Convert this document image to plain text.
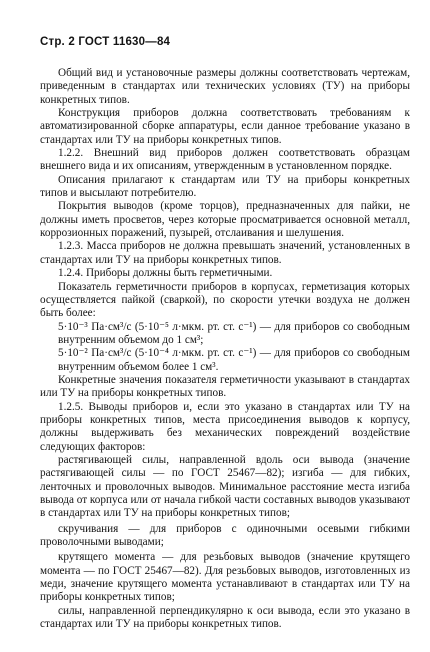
Стр. 2 ГОСТ 11630—84

Общий вид и установочные размеры должны соответствовать чертежам, приведенным в стандартах или технических условиях (ТУ) на приборы конкретных типов.

Конструкция приборов должна соответствовать требованиям к автоматизированной сборке аппаратуры, если данное требование указано в стандартах или ТУ на приборы конкретных типов.

1.2.2. Внешний вид приборов должен соответствовать образцам внешнего вида и их описаниям, утвержденным в установленном порядке.

Описания прилагают к стандартам или ТУ на приборы конкретных типов и высылают потребителю.

Покрытия выводов (кроме торцов), предназначенных для пайки, не должны иметь просветов, через которые просматривается основной металл, коррозионных поражений, пузырей, отслаивания и шелушения.

1.2.3. Масса приборов не должна превышать значений, установленных в стандартах или ТУ на приборы конкретных типов.

1.2.4. Приборы должны быть герметичными.

Показатель герметичности приборов в корпусах, герметизация которых осуществляется пайкой (сваркой), по скорости утечки воздуха не должен быть более:

5·10⁻³ Па·см³/с (5·10⁻⁵ л·мкм. рт. ст. с⁻¹) — для приборов со свободным внутренним объемом до 1 см³;

5·10⁻² Па·см³/с (5·10⁻⁴ л·мкм. рт. ст. с⁻¹) — для приборов со свободным внутренним объемом более 1 см³.

Конкретные значения показателя герметичности указывают в стандартах или ТУ на приборы конкретных типов.

1.2.5. Выводы приборов и, если это указано в стандартах или ТУ на приборы конкретных типов, места присоединения выводов к корпусу, должны выдерживать без механических повреждений воздействие следующих факторов:

растягивающей силы, направленной вдоль оси вывода (значение растягивающей силы — по ГОСТ 25467—82); изгиба — для гибких, ленточных и проволочных выводов. Минимальное расстояние места изгиба вывода от корпуса или от начала гибкой части составных выводов указывают в стандартах или ТУ на приборы конкретных типов;

скручивания — для приборов с одиночными осевыми гибкими проволочными выводами;

крутящего момента — для резьбовых выводов (значение крутящего момента — по ГОСТ 25467—82). Для резьбовых выводов, изготовленных из меди, значение крутящего момента устанавливают в стандартах или ТУ на приборы конкретных типов;

силы, направленной перпендикулярно к оси вывода, если это указано в стандартах или ТУ на приборы конкретных типов.
